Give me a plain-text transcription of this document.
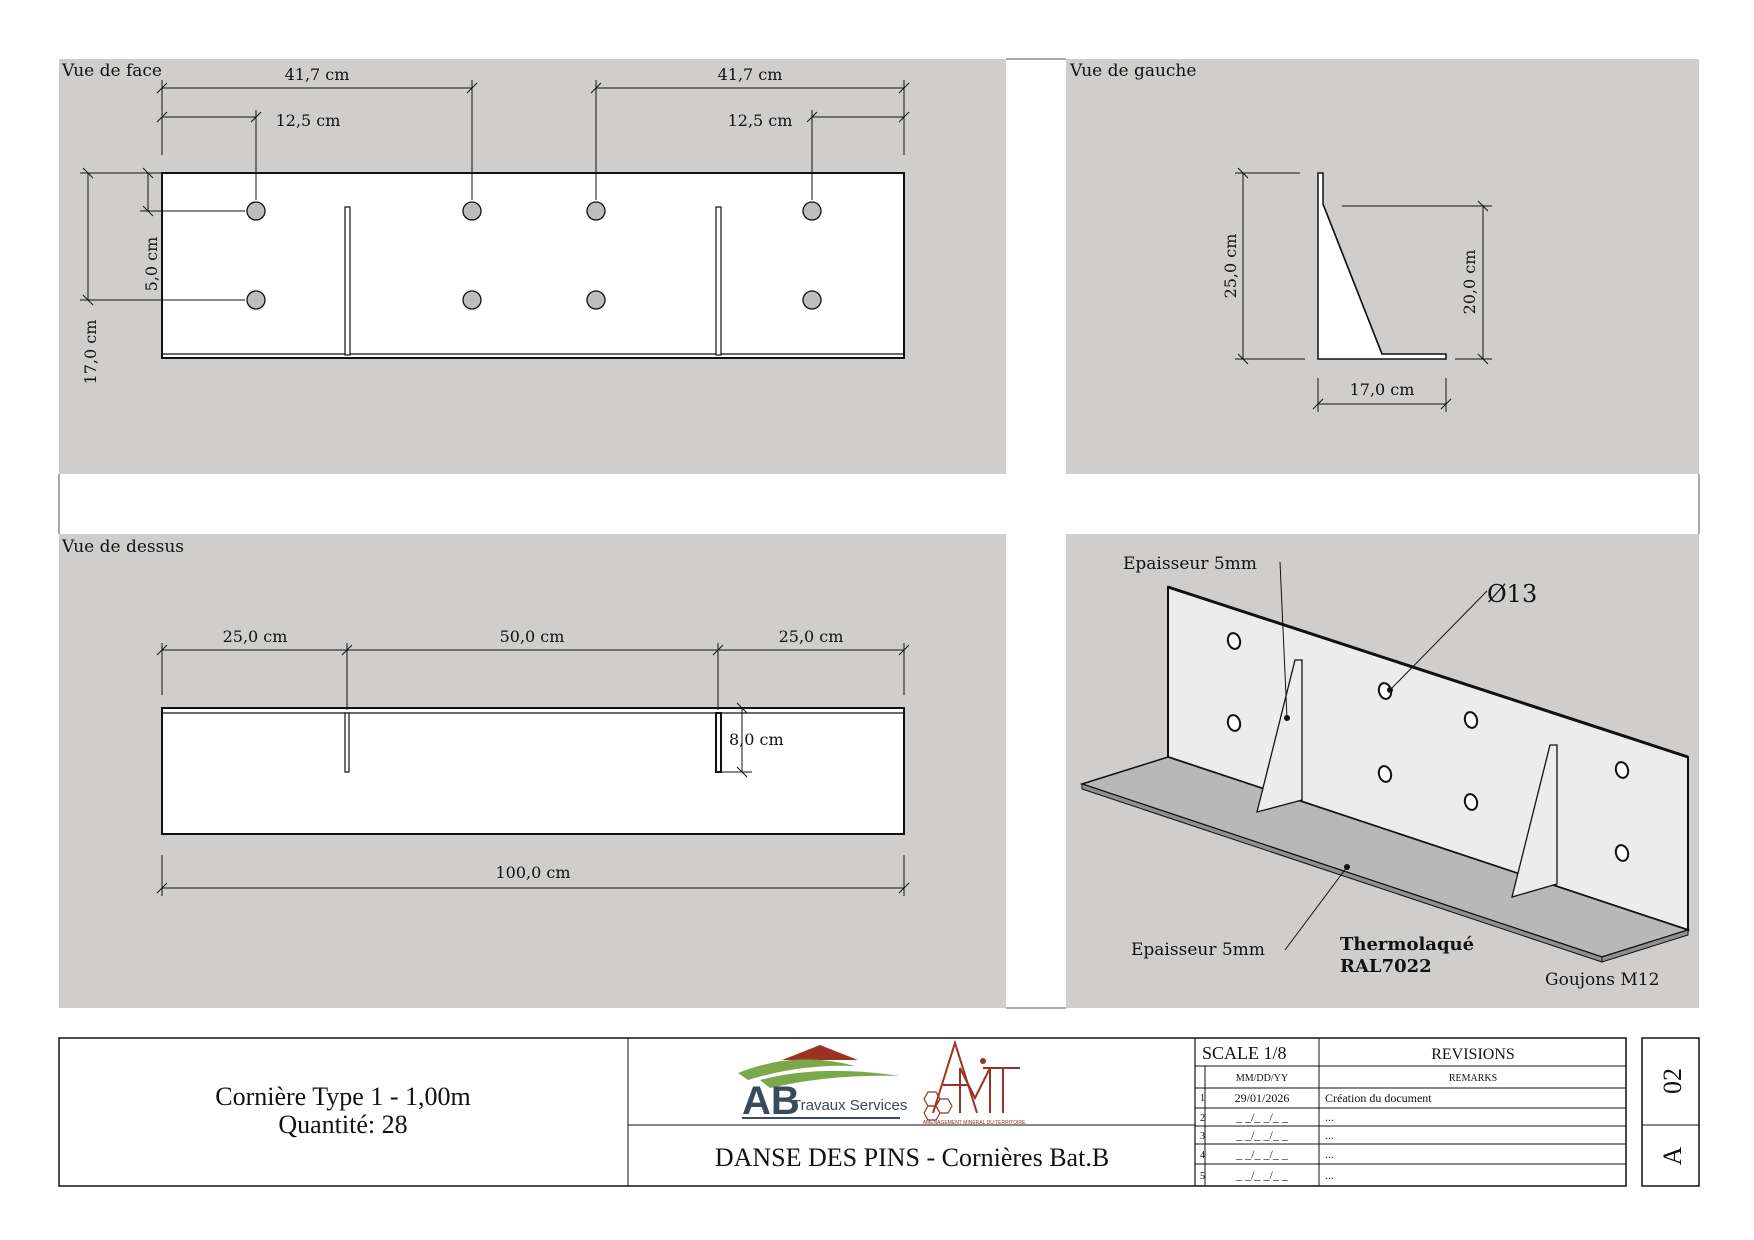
Vue de face	41,7 cm	41,7 cm
12,5 cm	12,5 cm
5,0 cm
17,0 cm
Vue de gauche
25,0 cm	20,0 cm
17,0 cm
Vue de dessus
25,0 cm	50,0 cm	25,0 cm
8,0 cm
100,0 cm
Epaisseur 5mm
Ø13
Epaisseur 5mm	Thermolaqué
RAL7022
Goujons M12
Cornière Type 1 - 1,00m
Quantité: 28
DANSE DES PINS - Cornières Bat.B
AB
Travaux Services
AMÉNAGEMENT MINÉRAL DU TERRITOIRE
SCALE 1/8	REVISIONS
MM/DD/YY	REMARKS
1 29/01/2026	Création du document
2	_ _/_ _/_ _	...
3	_ _/_ _/_ _	...
4	_ _/_ _/_ _	...
5	_ _/_ _/_ _	...
02
A
